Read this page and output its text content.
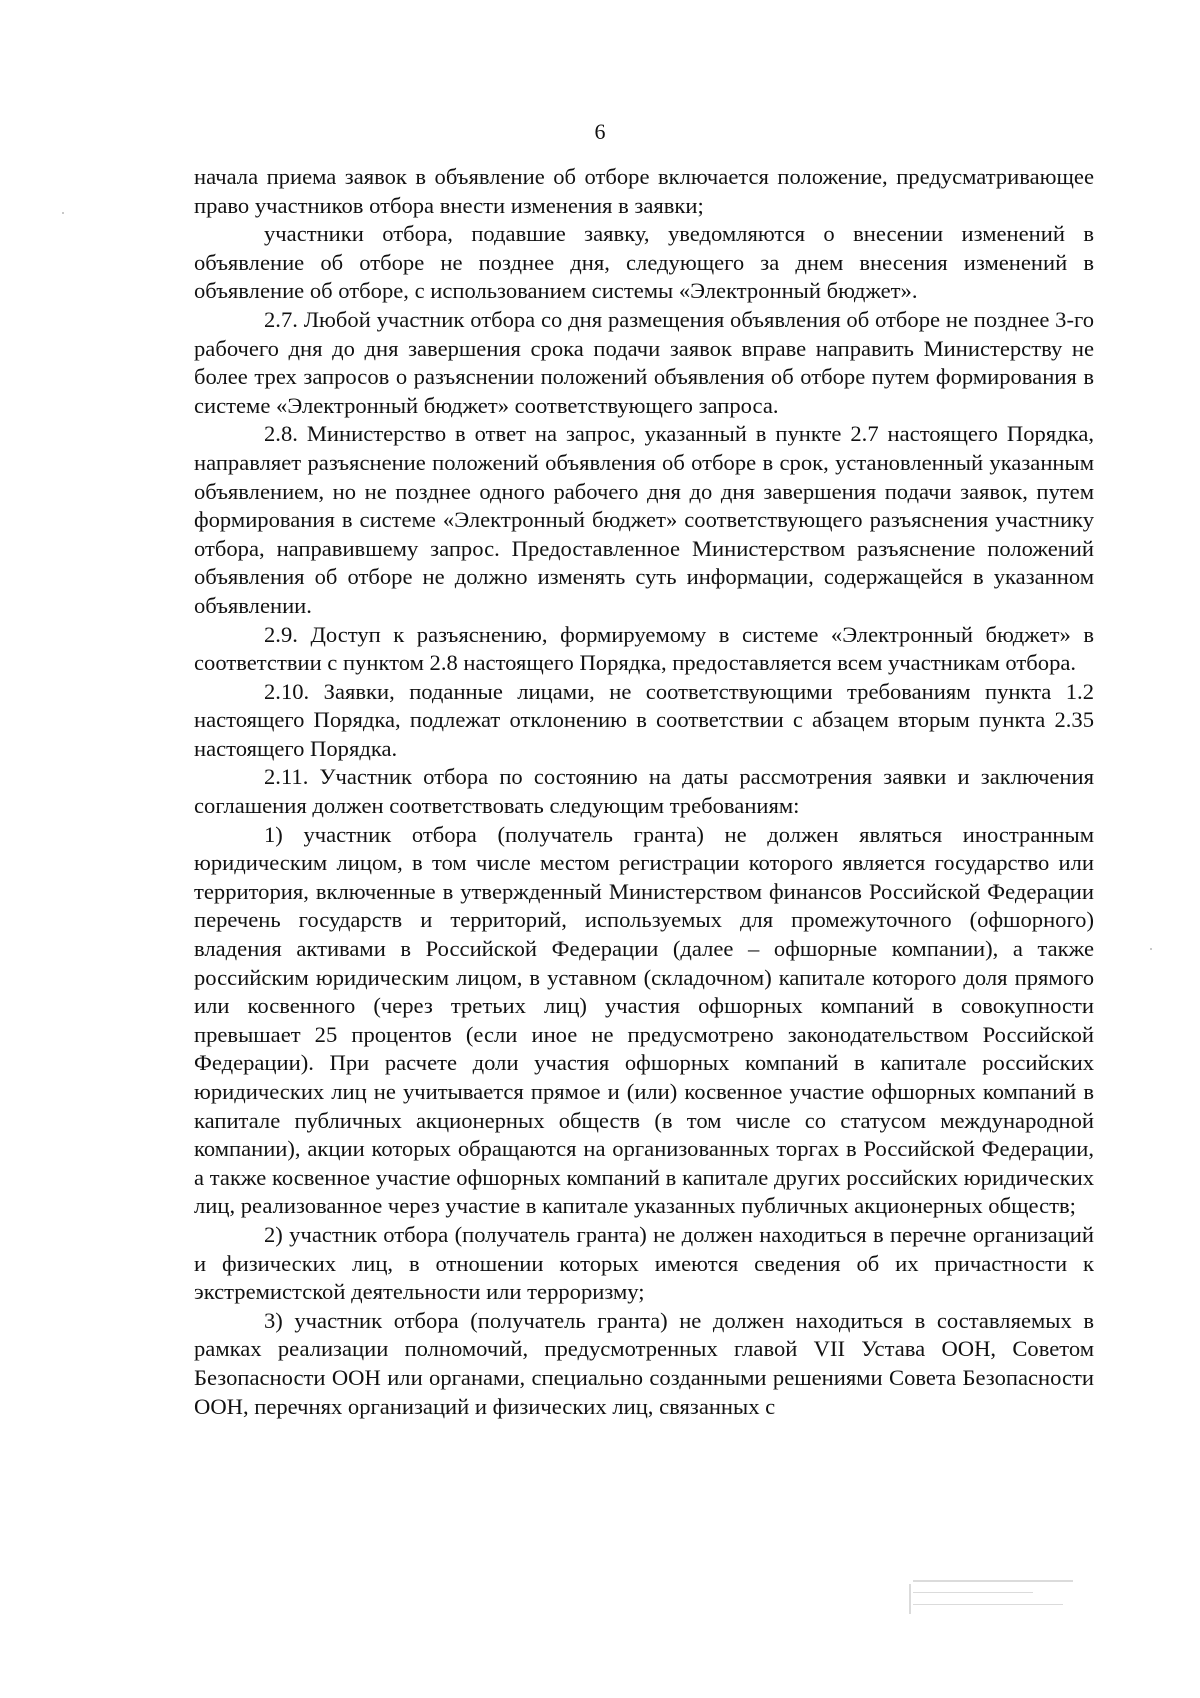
6

начала приема заявок в объявление об отборе включается положение, предусматривающее право участников отбора внести изменения в заявки;

участники отбора, подавшие заявку, уведомляются о внесении изменений в объявление об отборе не позднее дня, следующего за днем внесения изменений в объявление об отборе, с использованием системы «Электронный бюджет».

2.7. Любой участник отбора со дня размещения объявления об отборе не позднее 3-го рабочего дня до дня завершения срока подачи заявок вправе направить Министерству не более трех запросов о разъяснении положений объявления об отборе путем формирования в системе «Электронный бюджет» соответствующего запроса.

2.8. Министерство в ответ на запрос, указанный в пункте 2.7 настоящего Порядка, направляет разъяснение положений объявления об отборе в срок, установленный указанным объявлением, но не позднее одного рабочего дня до дня завершения подачи заявок, путем формирования в системе «Электронный бюджет» соответствующего разъяснения участнику отбора, направившему запрос. Предоставленное Министерством разъяснение положений объявления об отборе не должно изменять суть информации, содержащейся в указанном объявлении.

2.9. Доступ к разъяснению, формируемому в системе «Электронный бюджет» в соответствии с пунктом 2.8 настоящего Порядка, предоставляется всем участникам отбора.

2.10. Заявки, поданные лицами, не соответствующими требованиям пункта 1.2 настоящего Порядка, подлежат отклонению в соответствии с абзацем вторым пункта 2.35 настоящего Порядка.

2.11. Участник отбора по состоянию на даты рассмотрения заявки и заключения соглашения должен соответствовать следующим требованиям:

1) участник отбора (получатель гранта) не должен являться иностранным юридическим лицом, в том числе местом регистрации которого является государство или территория, включенные в утвержденный Министерством финансов Российской Федерации перечень государств и территорий, используемых для промежуточного (офшорного) владения активами в Российской Федерации (далее – офшорные компании), а также российским юридическим лицом, в уставном (складочном) капитале которого доля прямого или косвенного (через третьих лиц) участия офшорных компаний в совокупности превышает 25 процентов (если иное не предусмотрено законодательством Российской Федерации). При расчете доли участия офшорных компаний в капитале российских юридических лиц не учитывается прямое и (или) косвенное участие офшорных компаний в капитале публичных акционерных обществ (в том числе со статусом международной компании), акции которых обращаются на организованных торгах в Российской Федерации, а также косвенное участие офшорных компаний в капитале других российских юридических лиц, реализованное через участие в капитале указанных публичных акционерных обществ;

2) участник отбора (получатель гранта) не должен находиться в перечне организаций и физических лиц, в отношении которых имеются сведения об их причастности к экстремистской деятельности или терроризму;

3) участник отбора (получатель гранта) не должен находиться в составляемых в рамках реализации полномочий, предусмотренных главой VII Устава ООН, Советом Безопасности ООН или органами, специально созданными решениями Совета Безопасности ООН, перечнях организаций и физических лиц, связанных с
